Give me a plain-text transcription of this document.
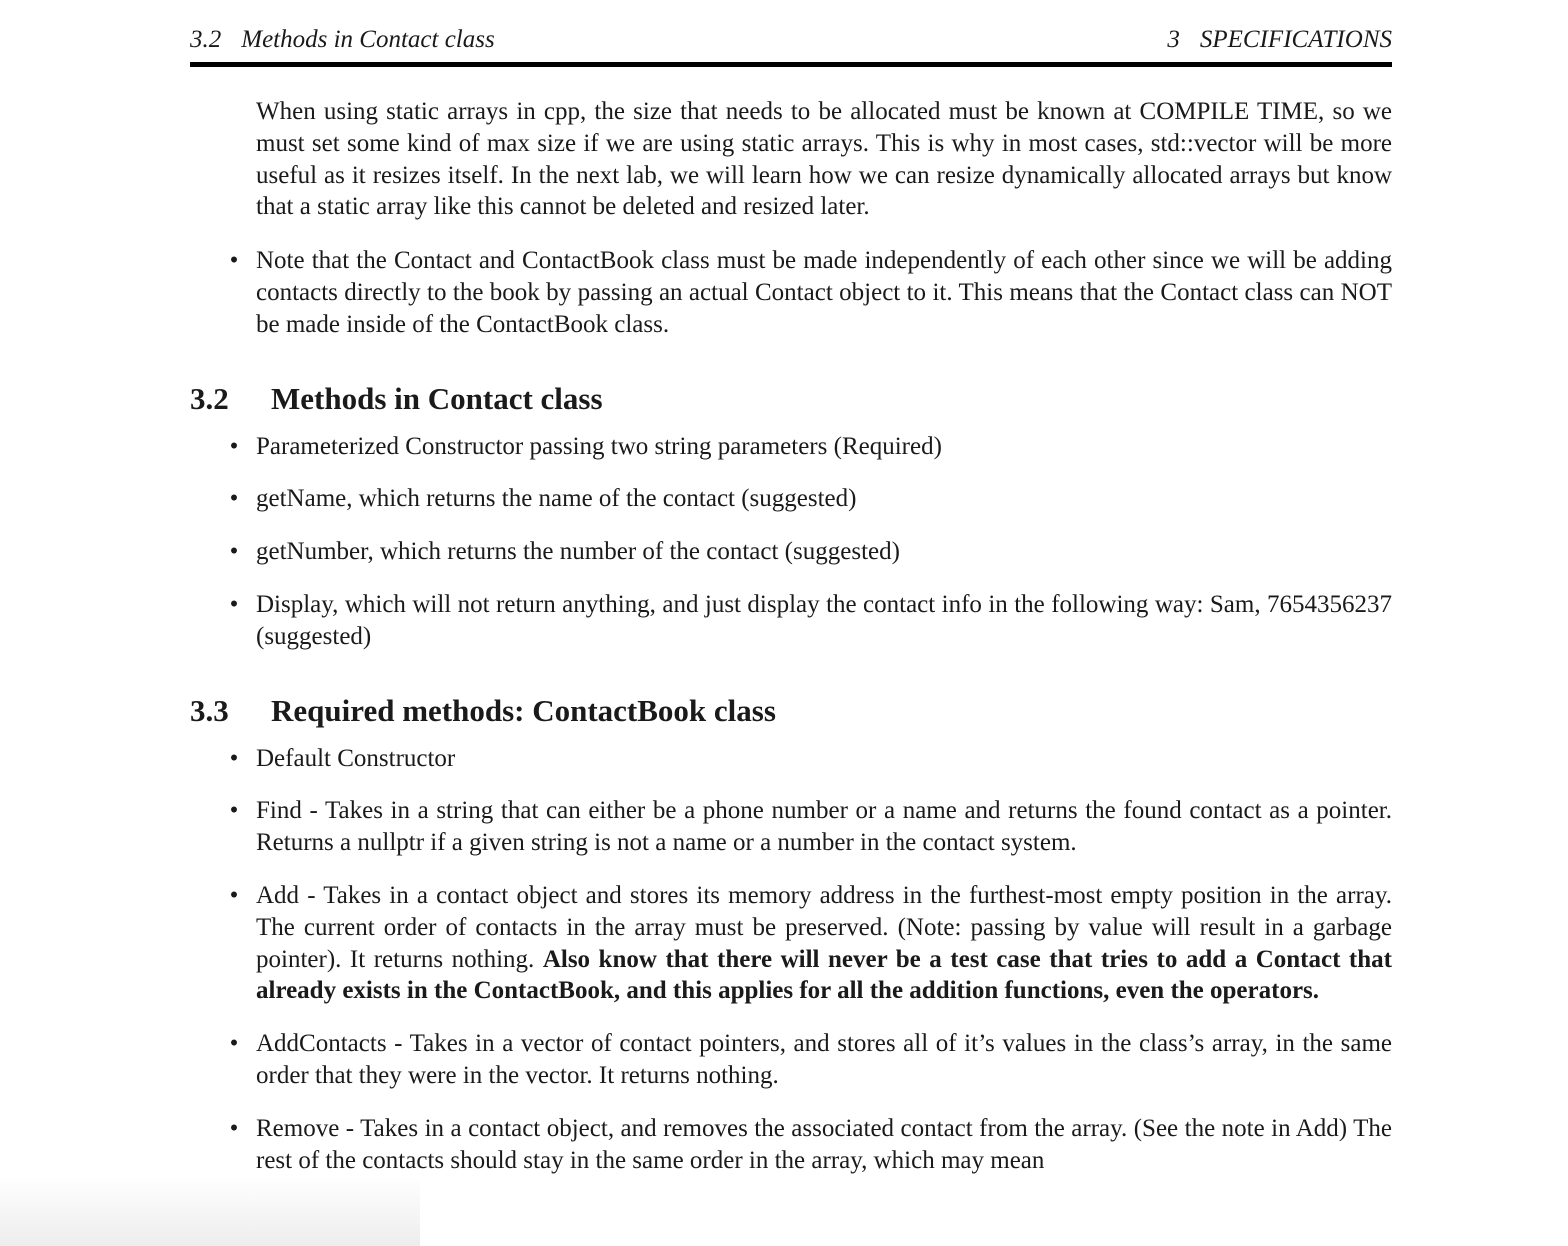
3.2 Methods in Contact class	3 SPECIFICATIONS

When using static arrays in cpp, the size that needs to be allocated must be known at COMPILE TIME, so we must set some kind of max size if we are using static arrays. This is why in most cases, std::vector will be more useful as it resizes itself. In the next lab, we will learn how we can resize dynamically allocated arrays but know that a static array like this cannot be deleted and resized later.

• Note that the Contact and ContactBook class must be made independently of each other since we will be adding contacts directly to the book by passing an actual Contact object to it. This means that the Contact class can NOT be made inside of the ContactBook class.
3.2	Methods in Contact class
• Parameterized Constructor passing two string parameters (Required)
• getName, which returns the name of the contact (suggested)
• getNumber, which returns the number of the contact (suggested)
• Display, which will not return anything, and just display the contact info in the following way: Sam, 7654356237 (suggested)
3.3	Required methods: ContactBook class
• Default Constructor
• Find - Takes in a string that can either be a phone number or a name and returns the found contact as a pointer. Returns a nullptr if a given string is not a name or a number in the contact system.
• Add - Takes in a contact object and stores its memory address in the furthest-most empty position in the array. The current order of contacts in the array must be preserved. (Note: passing by value will result in a garbage pointer). It returns nothing. Also know that there will never be a test case that tries to add a Contact that already exists in the ContactBook, and this applies for all the addition functions, even the operators.
• AddContacts - Takes in a vector of contact pointers, and stores all of it’s values in the class’s array, in the same order that they were in the vector. It returns nothing.
• Remove - Takes in a contact object, and removes the associated contact from the array. (See the note in Add) The rest of the contacts should stay in the same order in the array, which may mean
